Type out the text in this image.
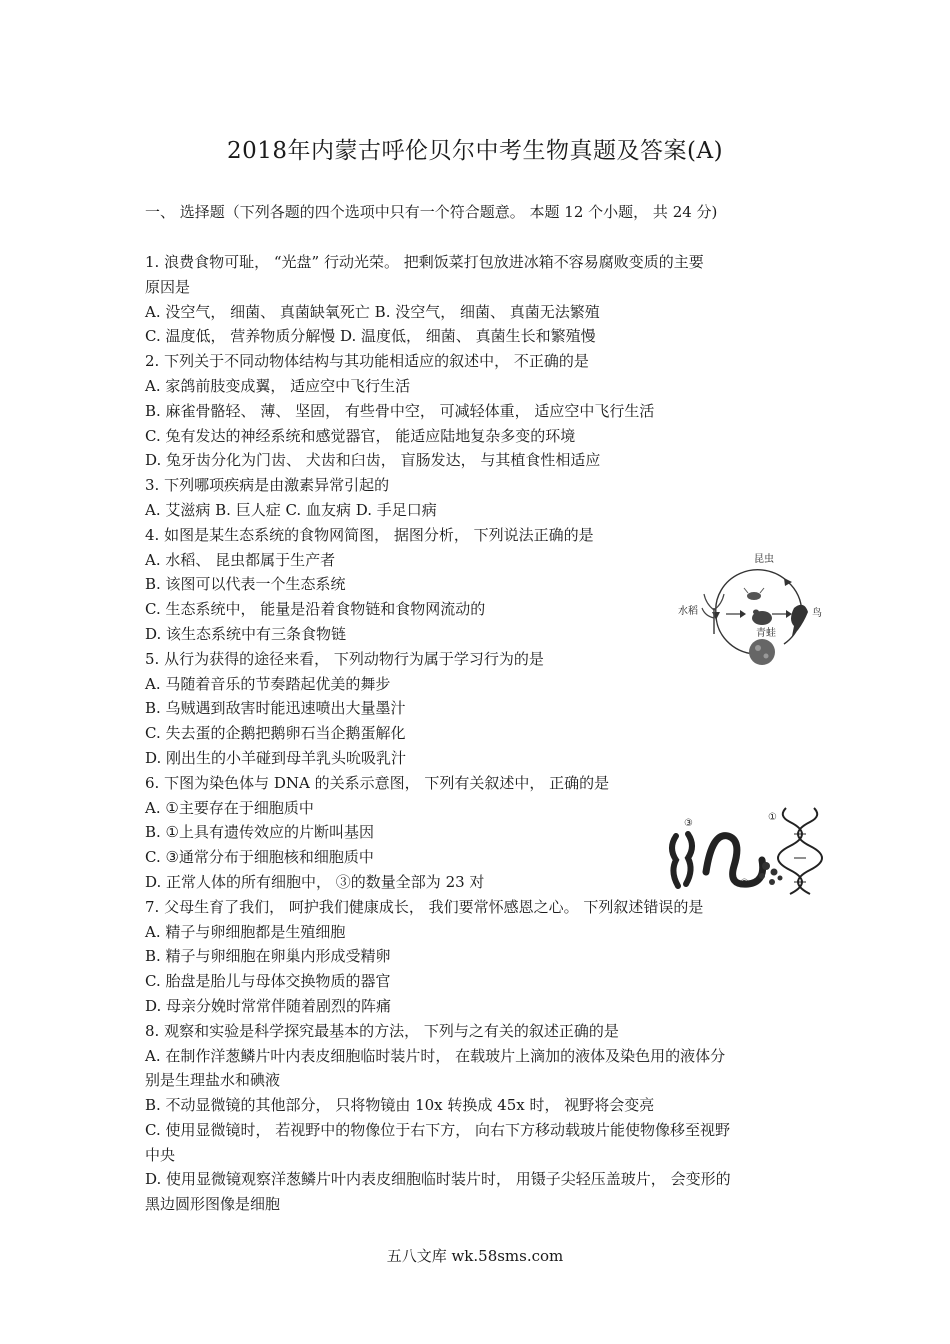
2018年内蒙古呼伦贝尔中考生物真题及答案(A)
一、 选择题（下列各题的四个选项中只有一个符合题意。 本题 12 个小题， 共 24 分)
1. 浪费食物可耻， “光盘” 行动光荣。 把剩饭菜打包放进冰箱不容易腐败变质的主要
原因是
A. 没空气， 细菌、 真菌缺氧死亡 B. 没空气， 细菌、 真菌无法繁殖
C. 温度低， 营养物质分解慢 D. 温度低， 细菌、 真菌生长和繁殖慢
2. 下列关于不同动物体结构与其功能相适应的叙述中， 不正确的是
A. 家鸽前肢变成翼， 适应空中飞行生活
B. 麻雀骨骼轻、 薄、 坚固， 有些骨中空， 可减轻体重， 适应空中飞行生活
C. 兔有发达的神经系统和感觉器官， 能适应陆地复杂多变的环境
D. 兔牙齿分化为门齿、 犬齿和臼齿， 盲肠发达， 与其植食性相适应
3. 下列哪项疾病是由激素异常引起的
A. 艾滋病 B. 巨人症 C. 血友病 D. 手足口病
4. 如图是某生态系统的食物网简图， 据图分析， 下列说法正确的是
A. 水稻、 昆虫都属于生产者
B. 该图可以代表一个生态系统
C. 生态系统中， 能量是沿着食物链和食物网流动的
D. 该生态系统中有三条食物链
5. 从行为获得的途径来看， 下列动物行为属于学习行为的是
A. 马随着音乐的节奏踏起优美的舞步
B. 乌贼遇到敌害时能迅速喷出大量墨汁
C. 失去蛋的企鹅把鹅卵石当企鹅蛋解化
D. 刚出生的小羊碰到母羊乳头吮吸乳汁
6. 下图为染色体与 DNA 的关系示意图， 下列有关叙述中， 正确的是
A. ①主要存在于细胞质中
B. ①上具有遗传效应的片断叫基因
C. ③通常分布于细胞核和细胞质中
D. 正常人体的所有细胞中， ③的数量全部为 23 对
7. 父母生育了我们， 呵护我们健康成长， 我们要常怀感恩之心。 下列叙述错误的是
A. 精子与卵细胞都是生殖细胞
B. 精子与卵细胞在卵巢内形成受精卵
C. 胎盘是胎儿与母体交换物质的器官
D. 母亲分娩时常常伴随着剧烈的阵痛
8. 观察和实验是科学探究最基本的方法， 下列与之有关的叙述正确的是
A. 在制作洋葱鳞片叶内表皮细胞临时装片时， 在载玻片上滴加的液体及染色用的液体分
别是生理盐水和碘液
B. 不动显微镜的其他部分， 只将物镜由 10x 转换成 45x 时， 视野将会变亮
C. 使用显微镜时， 若视野中的物像位于右下方， 向右下方移动载玻片能使物像移至视野
中央
D. 使用显微镜观察洋葱鳞片叶内表皮细胞临时装片时， 用镊子尖轻压盖玻片， 会变形的
黑边圆形图像是细胞
昆虫
水稻
青蛙
鸟
③
①
②
五八文库 wk.58sms.com
